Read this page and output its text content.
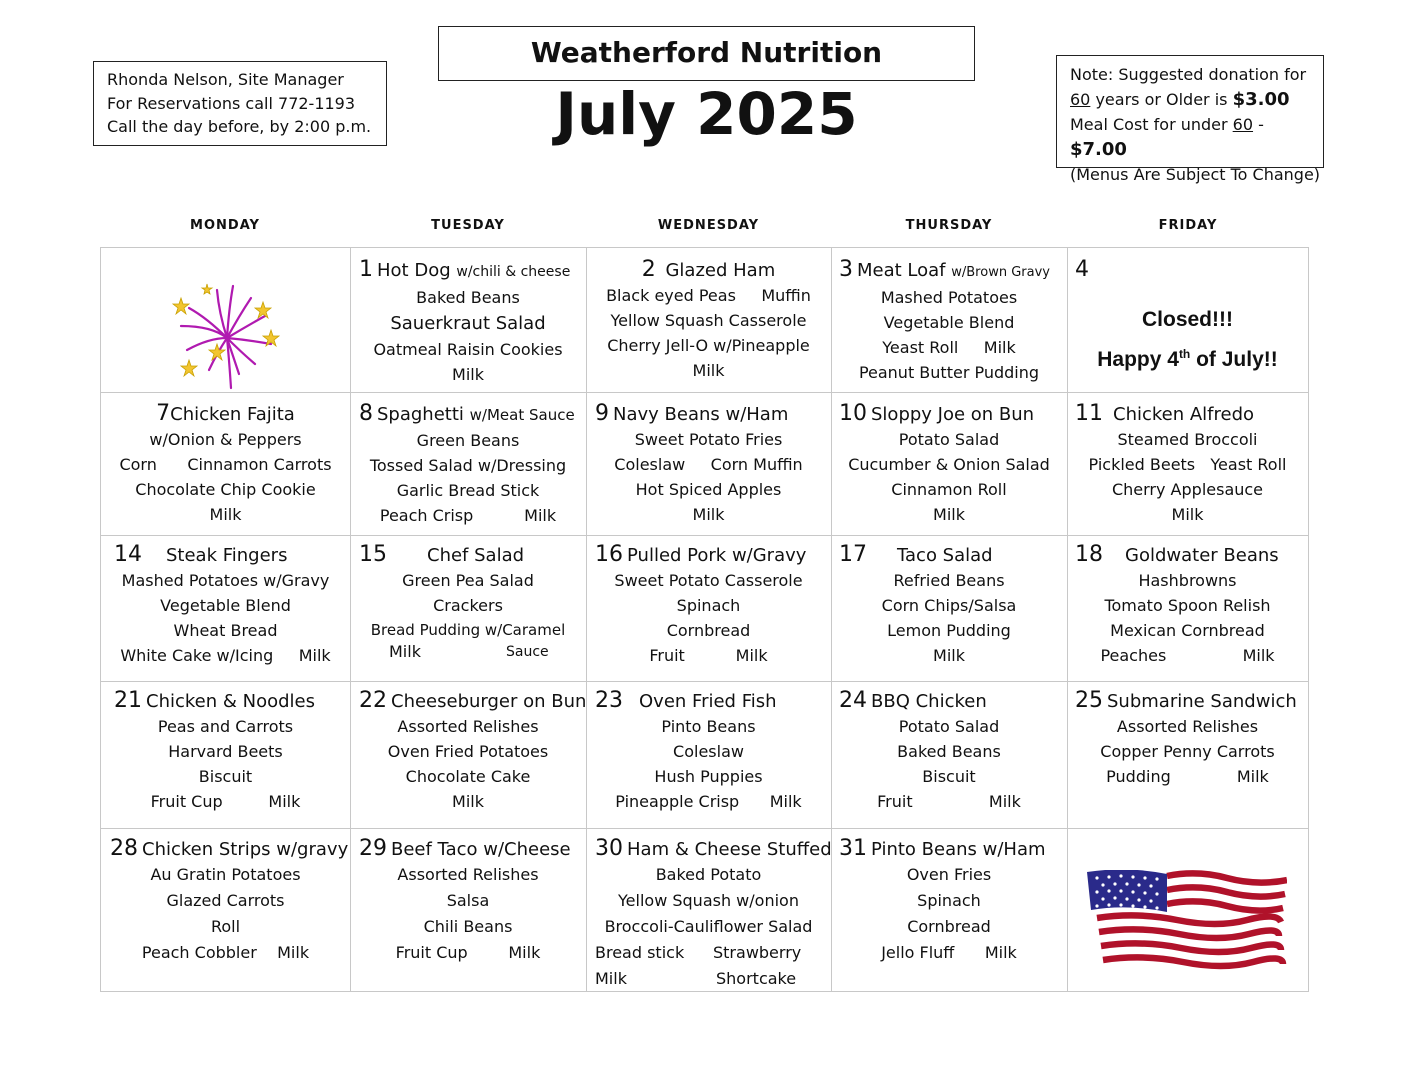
Rhonda Nelson, Site Manager
For Reservations call 772-1193
Call the day before, by 2:00 p.m.
Weatherford Nutrition
July 2025
Note: Suggested donation for
60 years or Older is $3.00
Meal Cost for under 60 - $7.00
(Menus Are Subject To Change)
MONDAY	TUESDAY	WEDNESDAY	THURSDAY	FRIDAY
1 Hot Dog w/chili & cheese
Baked Beans
Sauerkraut Salad
Oatmeal Raisin Cookies
Milk
2 Glazed Ham
Black eyed Peas     Muffin
Yellow Squash Casserole
Cherry Jell-O w/Pineapple
Milk
3 Meat Loaf w/Brown Gravy
Mashed Potatoes
Vegetable Blend
Yeast Roll     Milk
Peanut Butter Pudding
4
Closed!!!
Happy 4th of July!!
7Chicken Fajita
w/Onion & Peppers
Corn      Cinnamon Carrots
Chocolate Chip Cookie
Milk
8 Spaghetti w/Meat Sauce
Green Beans
Tossed Salad w/Dressing
Garlic Bread Stick
Peach Crisp          Milk
9 Navy Beans w/Ham
Sweet Potato Fries
Coleslaw     Corn Muffin
Hot Spiced Apples
Milk
10 Sloppy Joe on Bun
Potato Salad
Cucumber & Onion Salad
Cinnamon Roll
Milk
11 Chicken Alfredo
Steamed Broccoli
Pickled Beets   Yeast Roll
Cherry Applesauce
Milk
14 Steak Fingers
Mashed Potatoes w/Gravy
Vegetable Blend
Wheat Bread
White Cake w/Icing     Milk
15 Chef Salad
Green Pea Salad
Crackers
Bread Pudding w/Caramel
Milk	Sauce
16 Pulled Pork w/Gravy
Sweet Potato Casserole
Spinach
Cornbread
Fruit          Milk
17 Taco Salad
Refried Beans
Corn Chips/Salsa
Lemon Pudding
Milk
18 Goldwater Beans
Hashbrowns
Tomato Spoon Relish
Mexican Cornbread
Peaches               Milk
21 Chicken & Noodles
Peas and Carrots
Harvard Beets
Biscuit
Fruit Cup         Milk
22 Cheeseburger on Bun
Assorted Relishes
Oven Fried Potatoes
Chocolate Cake
Milk
23 Oven Fried Fish
Pinto Beans
Coleslaw
Hush Puppies
Pineapple Crisp      Milk
24 BBQ Chicken
Potato Salad
Baked Beans
Biscuit
Fruit               Milk
25 Submarine Sandwich
Assorted Relishes
Copper Penny Carrots
Pudding             Milk
28 Chicken Strips w/gravy
Au Gratin Potatoes
Glazed Carrots
Roll
Peach Cobbler    Milk
29 Beef Taco w/Cheese
Assorted Relishes
Salsa
Chili Beans
Fruit Cup        Milk
30 Ham & Cheese Stuffed
Baked Potato
Yellow Squash w/onion
Broccoli-Cauliflower Salad
Bread stick Strawberry
Milk	Shortcake
31 Pinto Beans w/Ham
Oven Fries
Spinach
Cornbread
Jello Fluff      Milk
